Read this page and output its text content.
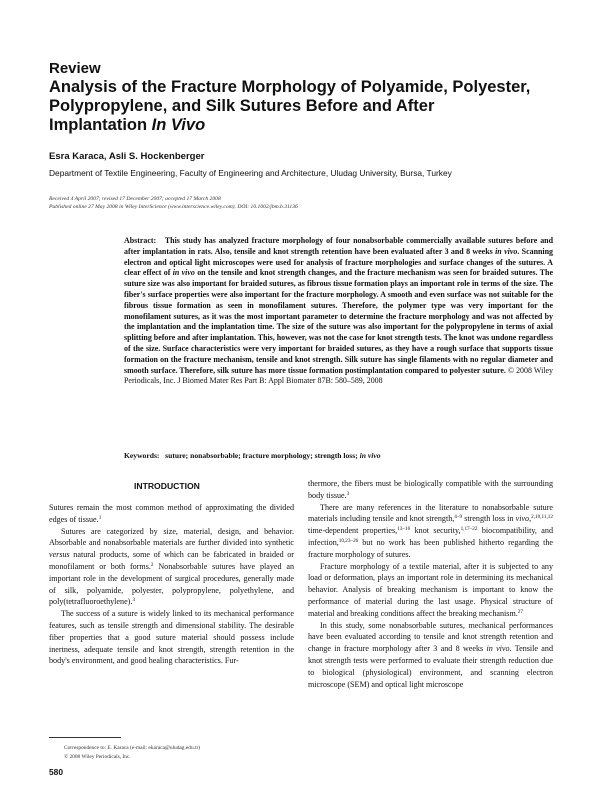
Review
Analysis of the Fracture Morphology of Polyamide, Polyester,
Polypropylene, and Silk Sutures Before and After
Implantation In Vivo
Esra Karaca, Asli S. Hockenberger
Department of Textile Engineering, Faculty of Engineering and Architecture, Uludag University, Bursa, Turkey
Received 4 April 2007; revised 17 December 2007; accepted 17 March 2008
Published online 27 May 2008 in Wiley InterScience (www.interscience.wiley.com). DOI: 10.1002/jbm.b.31136
Abstract: This study has analyzed fracture morphology of four nonabsorbable commercially available sutures before and after implantation in rats. Also, tensile and knot strength retention have been evaluated after 3 and 8 weeks in vivo. Scanning electron and optical light microscopes were used for analysis of fracture morphologies and surface changes of the sutures. A clear effect of in vivo on the tensile and knot strength changes, and the fracture mechanism was seen for braided sutures. The suture size was also important for braided sutures, as fibrous tissue formation plays an important role in terms of the size. The fiber's surface properties were also important for the fracture morphology. A smooth and even surface was not suitable for the fibrous tissue formation as seen in monofilament sutures. Therefore, the polymer type was very important for the monofilament sutures, as it was the most important parameter to determine the fracture morphology and was not affected by the implantation and the implantation time. The size of the suture was also important for the polypropylene in terms of axial splitting before and after implantation. This, however, was not the case for knot strength tests. The knot was undone regardless of the size. Surface characteristics were very important for braided sutures, as they have a rough surface that supports tissue formation on the fracture mechanism, tensile and knot strength. Silk suture has single filaments with no regular diameter and smooth surface. Therefore, silk suture has more tissue formation postimplantation compared to polyester suture. © 2008 Wiley Periodicals, Inc. J Biomed Mater Res Part B: Appl Biomater 87B: 580–589, 2008
Keywords: suture; nonabsorbable; fracture morphology; strength loss; in vivo
INTRODUCTION

Sutures remain the most common method of approximating the divided edges of tissue.$^1$

Sutures are categorized by size, material, design, and behavior. Absorbable and nonabsorbable materials are further divided into synthetic versus natural products, some of which can be fabricated in braided or monofilament or both forms.$^2$ Nonabsorbable sutures have played an important role in the development of surgical procedures, generally made of silk, polyamide, polyester, polypropylene, polyethylene, and poly(tetrafluoroethylene).$^3$

The success of a suture is widely linked to its mechanical performance features, such as tensile strength and dimensional stability. The desirable fiber properties that a good suture material should possess include inertness, adequate tensile and knot strength, strength retention in the body's environment, and good healing characteristics. Fur-

thermore, the fibers must be biologically compatible with the surrounding body tissue.$^3$

There are many references in the literature to nonabsorbable suture materials including tensile and knot strength,$^{4-9}$ strength loss in vivo,$^{2,10,11,12}$ time-dependent properties,$^{13-16}$ knot security,$^{1,17-22}$ biocompatibility, and infection,$^{10,23-26}$ but no work has been published hitherto regarding the fracture morphology of sutures.

Fracture morphology of a textile material, after it is subjected to any load or deformation, plays an important role in determining its mechanical behavior. Analysis of breaking mechanism is important to know the performance of material during the last usage. Physical structure of material and breaking conditions affect the breaking mechanism.$^{27}$

In this study, some nonabsorbable sutures, mechanical performances have been evaluated according to tensile and knot strength retention and change in fracture morphology after 3 and 8 weeks in vivo. Tensile and knot strength tests were performed to evaluate their strength reduction due to biological (physiological) environment, and scanning electron microscope (SEM) and optical light microscope

Correspondence to: E. Karaca (e-mail: ekaraca@uludag.edu.tr)
© 2008 Wiley Periodicals, Inc.
580
